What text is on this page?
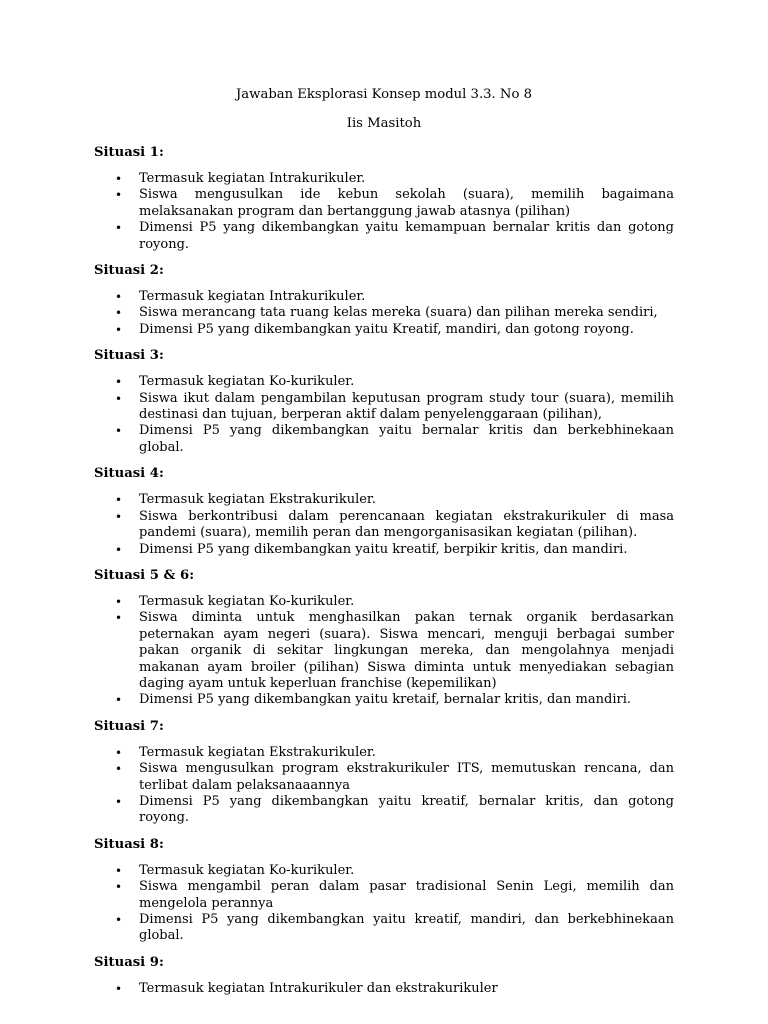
Jawaban Eksplorasi Konsep modul 3.3. No 8
Iis Masitoh
Situasi 1:
• Termasuk kegiatan Intrakurikuler.
• Siswa mengusulkan ide kebun sekolah (suara), memilih bagaimana melaksanakan program dan bertanggung jawab atasnya (pilihan)
• Dimensi P5 yang dikembangkan yaitu kemampuan bernalar kritis dan gotong royong.
Situasi 2:
• Termasuk kegiatan Intrakurikuler.
• Siswa merancang tata ruang kelas mereka (suara) dan pilihan mereka sendiri,
• Dimensi P5 yang dikembangkan yaitu Kreatif, mandiri, dan gotong royong.
Situasi 3:
• Termasuk kegiatan Ko-kurikuler.
• Siswa ikut dalam pengambilan keputusan program study tour (suara), memilih destinasi dan tujuan, berperan aktif dalam penyelenggaraan (pilihan),
• Dimensi P5 yang dikembangkan yaitu bernalar kritis dan berkebhinekaan global.
Situasi 4:
• Termasuk kegiatan Ekstrakurikuler.
• Siswa berkontribusi dalam perencanaan kegiatan ekstrakurikuler di masa pandemi (suara), memilih peran dan mengorganisasikan kegiatan (pilihan).
• Dimensi P5 yang dikembangkan yaitu kreatif, berpikir kritis, dan mandiri.
Situasi 5 & 6:
• Termasuk kegiatan Ko-kurikuler.
• Siswa diminta untuk menghasilkan pakan ternak organik berdasarkan peternakan ayam negeri (suara). Siswa mencari, menguji berbagai sumber pakan organik di sekitar lingkungan mereka, dan mengolahnya menjadi makanan ayam broiler (pilihan) Siswa diminta untuk menyediakan sebagian daging ayam untuk keperluan franchise (kepemilikan)
• Dimensi P5 yang dikembangkan yaitu kretaif, bernalar kritis, dan mandiri.
Situasi 7:
• Termasuk kegiatan Ekstrakurikuler.
• Siswa mengusulkan program ekstrakurikuler ITS, memutuskan rencana, dan terlibat dalam pelaksanaaannya
• Dimensi P5 yang dikembangkan yaitu kreatif, bernalar kritis, dan gotong royong.
Situasi 8:
• Termasuk kegiatan Ko-kurikuler.
• Siswa mengambil peran dalam pasar tradisional Senin Legi, memilih dan mengelola perannya
• Dimensi P5 yang dikembangkan yaitu kreatif, mandiri, dan berkebhinekaan global.
Situasi 9:
• Termasuk kegiatan Intrakurikuler dan ekstrakurikuler
